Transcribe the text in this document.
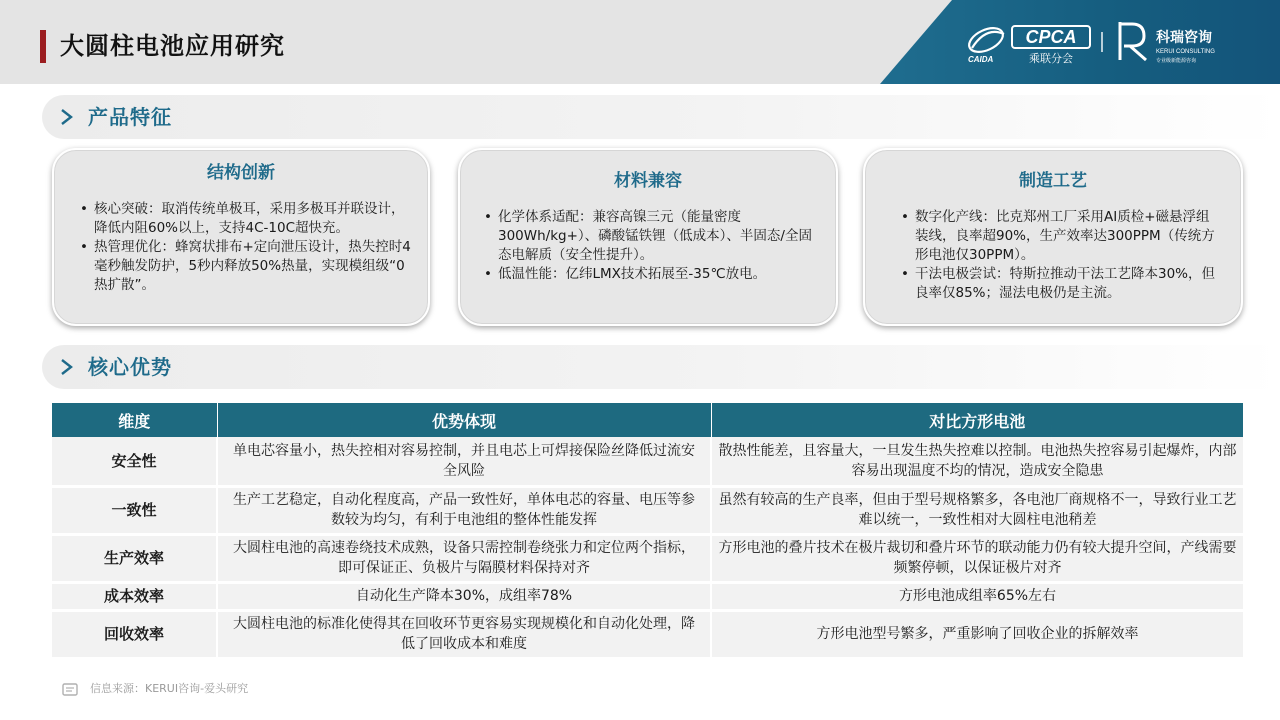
大圆柱电池应用研究	CPCA
CAIDA	乘联分会
科瑞咨询
KERUI CONSULTING
专业级新能源咨询
产品特征
结构创新
• 核心突破：取消传统单极耳，采用多极耳并联设计，降低内阻60%以上，支持4C-10C超快充。
• 热管理优化：蜂窝状排布+定向泄压设计，热失控时4毫秒触发防护，5秒内释放50%热量，实现模组级“0热扩散”。
材料兼容
• 化学体系适配：兼容高镍三元（能量密度300Wh/kg+）、磷酸锰铁锂（低成本）、半固态/全固态电解质（安全性提升）。
• 低温性能：亿纬LMX技术拓展至-35℃放电。
制造工艺
• 数字化产线：比克郑州工厂采用AI质检+磁悬浮组装线，良率超90%，生产效率达300PPM（传统方形电池仅30PPM）。
• 干法电极尝试：特斯拉推动干法工艺降本30%，但良率仅85%；湿法电极仍是主流。
核心优势
维度	优势体现	对比方形电池
安全性	单电芯容量小，热失控相对容易控制，并且电芯上可焊接保险丝降低过流安全风险	散热性能差，且容量大，一旦发生热失控难以控制。电池热失控容易引起爆炸，内部容易出现温度不均的情况，造成安全隐患
一致性	生产工艺稳定，自动化程度高，产品一致性好，单体电芯的容量、电压等参数较为均匀，有利于电池组的整体性能发挥	虽然有较高的生产良率，但由于型号规格繁多，各电池厂商规格不一，导致行业工艺难以统一，一致性相对大圆柱电池稍差
生产效率	大圆柱电池的高速卷绕技术成熟，设备只需控制卷绕张力和定位两个指标，即可保证正、负极片与隔膜材料保持对齐	方形电池的叠片技术在极片裁切和叠片环节的联动能力仍有较大提升空间，产线需要频繁停顿，以保证极片对齐
成本效率	自动化生产降本30%，成组率78%	方形电池成组率65%左右
回收效率	大圆柱电池的标准化使得其在回收环节更容易实现规模化和自动化处理，降低了回收成本和难度	方形电池型号繁多，严重影响了回收企业的拆解效率
信息来源：KERUI咨询-爱头研究
